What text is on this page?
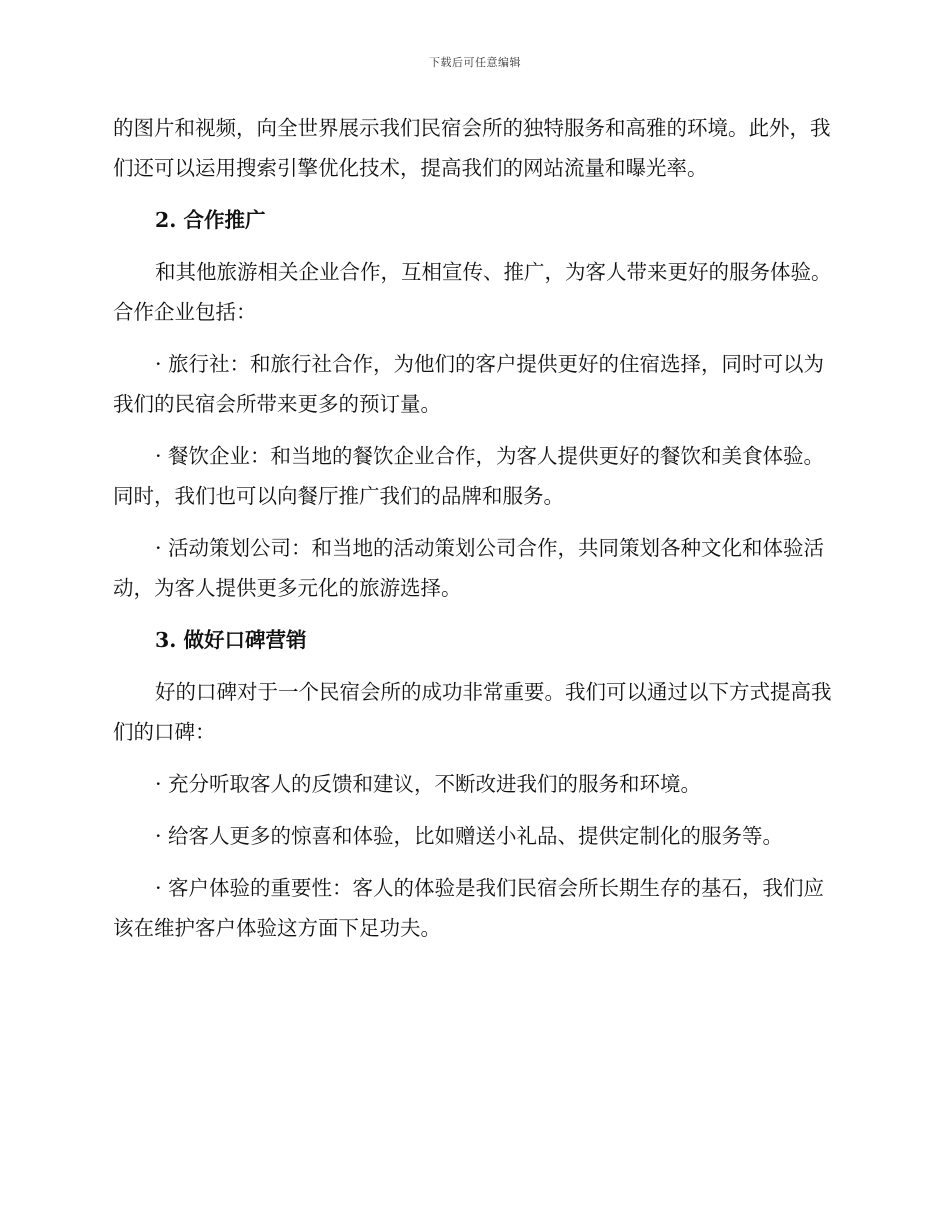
下载后可任意编辑

的图片和视频，向全世界展示我们民宿会所的独特服务和高雅的环境。此外，我们还可以运用搜索引擎优化技术，提高我们的网站流量和曝光率。

2. 合作推广

和其他旅游相关企业合作，互相宣传、推广，为客人带来更好的服务体验。合作企业包括：

· 旅行社：和旅行社合作，为他们的客户提供更好的住宿选择，同时可以为我们的民宿会所带来更多的预订量。

· 餐饮企业：和当地的餐饮企业合作，为客人提供更好的餐饮和美食体验。同时，我们也可以向餐厅推广我们的品牌和服务。

· 活动策划公司：和当地的活动策划公司合作，共同策划各种文化和体验活动，为客人提供更多元化的旅游选择。

3. 做好口碑营销

好的口碑对于一个民宿会所的成功非常重要。我们可以通过以下方式提高我们的口碑：

· 充分听取客人的反馈和建议，不断改进我们的服务和环境。

· 给客人更多的惊喜和体验，比如赠送小礼品、提供定制化的服务等。

· 客户体验的重要性：客人的体验是我们民宿会所长期生存的基石，我们应该在维护客户体验这方面下足功夫。
